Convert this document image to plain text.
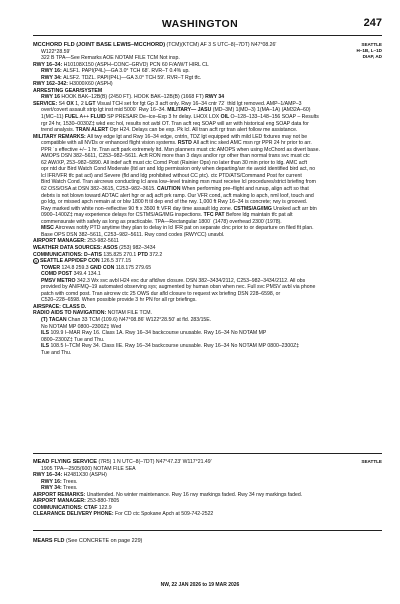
WASHINGTON	247
SEATTLE
H–1B, L–1D
DIAP, AD
MCCHORD FLD (JOINT BASE LEWIS–MCCHORD) (TCM)(KTCM) AF 3 S UTC–8(–7DT) N47°08.26′
W122°28.59′
322 B TPA—See Remarks AOE NOTAM FILE TCM Not insp.
RWY 16–34: H10108X150 (ASPH–CONC–GRVD) PCN 60 F/A/W/T HIRL CL
RWY 16: ALSF1. PAPI(P4L)—GA 3.0° TCH 68′. RVR–T 0.4% up.
RWY 34: ALSF2. TDZL. PAPI(P4L)—GA 3.0° TCH 59′. RVR–T Rgt tfc.
RWY 162–342: H3000X60 (ASPH)
ARRESTING GEAR/SYSTEM
RWY 16 HOOK BAK–12B(B) (2450 FT). HOOK BAK–12B(B) (1668 FT) RWY 34
SERVICE: S4 OX 1, 2 LGT Visual TCH set for fgt Gp 3 acft only. Rwy 16–34 cntr 72´ thld lgt removed. AMP–1/AMP–3
overt/covert assault strip lgt inst mid 5000´ Rwy 16–34. MILITARY— JASU (MD–3M) 1(MD–3) 1(MA–1A) (AM32A–60)
1(MC–11) FUEL A++ FLUID SP PRESAIR De–ice–Exp 3 hr delay. LHOX LOX OIL O–128–133–148–156 SOAP – Results
rgr 24 hr, 1530–0030Z‡ wkd exc hol, results not avbl OT. Tran acft req SOAP will arr with historical eng SOAP data for
trend analysis. TRAN ALERT Opr H24. Delays can be exp. Pk lcl. All tran acft rgr tran alert follow me assistance.
MILITARY REMARKS: All twy edge lgt and Rwy 16–34 edge, cntrln, TDZ lgt equipped with mild LED fixtures may not be
compatible with all NVDs or enhanced flight vision systems. RSTD All acft inc sked AMC msn rgr PPR 24 hr prior to arr.
PPR ´s effective +/– 1 hr. Tran acft park extremely ltd. Msn planners must ctc AMOPS when using McChord as divert base.
AMOPS DSN 382–5611, C253–982–5611. Acft RON more than 3 days and/or rgr other than normal trans svc must ctc
62 AW/XP, 253–982–5890. All indef acft must ctc Comd Post (Rainier Ops) no later than 30 min prior to ldg. AMC acft
opr ntd dur Bird Watch Cond Moderate (ltd arr and ldg permission only when departing/arr rte avoid identified bird act, no
lcl IFR/VFR tfc pat act) and Severe (fld and ldg prohibited without CC ptc). ctc PTD/ATS/Command Post for current
Bird Watch Cond. Tran aircrews conducting lcl area low–level training msn must receive lcl procedures/strict briefing from
62 OSS/OSA at DSN 382–3615, C253–982–3615. CAUTION When performing pre–flight and runup, align acft so that
debris is not blown toward ADTAC alert hgr or adj acft prk ramp. Our VFR cond, acft making lo apch, nml loof, touch and
go ldg, or missed apch remain at or blw 1800 ft til dep end of the rwy. 1,000 ft Rwy 16–34 is concrete; rwy is grooved.
Rwy marked with white non–reflective 90 ft x 3500 ft VFR day time assault ldg zone. CSTMS/AG/IMG Unsked acft arr btn
0900–1400Z‡ may experience delays for CSTMS/AG/IMG inspections. TFC PAT Before ldg maintain tfc pat alt
commensurate with safety as long as practicable. TPA—Rectangular 1800´ (1478) overhead 2300´(1978).
MISC Aircrews notify PTD anytime they plan to delay in lcl IFR pat on separate clnc prior to or departure on filed fit plan.
Base OPS DSN 382–5611, C253–982–5611. Rwy cond codes (RWYCC) unavbl.
AIRPORT MANAGER: 253-982-5611
WEATHER DATA SOURCES: ASOS (253) 982–3434
COMMUNICATIONS: D–ATIS 135.825 270.1 PTD 372.2
R SEATTLE APP/DEP CON 126.5 377.15
TOWER 124.8 259.3 GND CON 118.175 279.65
COMD POST 349.4 134.1
PMSV METRO 342.3 Wx svc avbl H24 exc dur afld/wx closure. DSN 382–3434/2112, C253–982–3434/2112. All obs
provided by AN/FMQ–19 automated observing sys; augmented by human obsn when nec. Full svc PMSV avbl via phone
patch with comd post. Tran aircrew ctc 25 OWS dur afld closure to request wx briefing DSN 228–6598, or
C520–228–6598. When possible provide 3 hr PN for all rgr briefings.
AIRSPACE: CLASS D.
RADIO AIDS TO NAVIGATION: NOTAM FILE TCM.
(T) TACAN Chan 33 TCM (109.6) N47°08.86′ W122°28.50′ at fld. 283/15E.
No NOTAM MP 0800–2300Z‡ Wed
ILS 109.9 I–MAR Rwy 16. Class 1A. Rwy 16–34 backcourse unusable. Rwy 16–34 No NOTAM MP
0800–2300Z‡ Tue and Thu.
ILS 108.5 I–TCM Rwy 34. Class IIE. Rwy 16–34 backcourse unusable. Rwy 16–34 No NOTAM MP 0800–2300Z‡
Tue and Thu.
SEATTLE
MEAD FLYING SERVICE (7R5) 1 N UTC–8(–7DT) N47°47.23′ W117°21.49′
1905 TPA—2505(600) NOTAM FILE SEA
RWY 16–34: H2481X30 (ASPH)
RWY 16: Trees.
RWY 34: Trees.
AIRPORT REMARKS: Unattended. No winter maintenance. Rwy 16 rwy markings faded. Rwy 34 rwy markings faded.
AIRPORT MANAGER: 253-880-7805
COMMUNICATIONS: CTAF 122.9
CLEARANCE DELIVERY PHONE: For CD ctc Spokane Apch at 509-742-2522
MEARS FLD (See CONCRETE on page 229)
NW, 22 JAN 2026 to 19 MAR 2026
